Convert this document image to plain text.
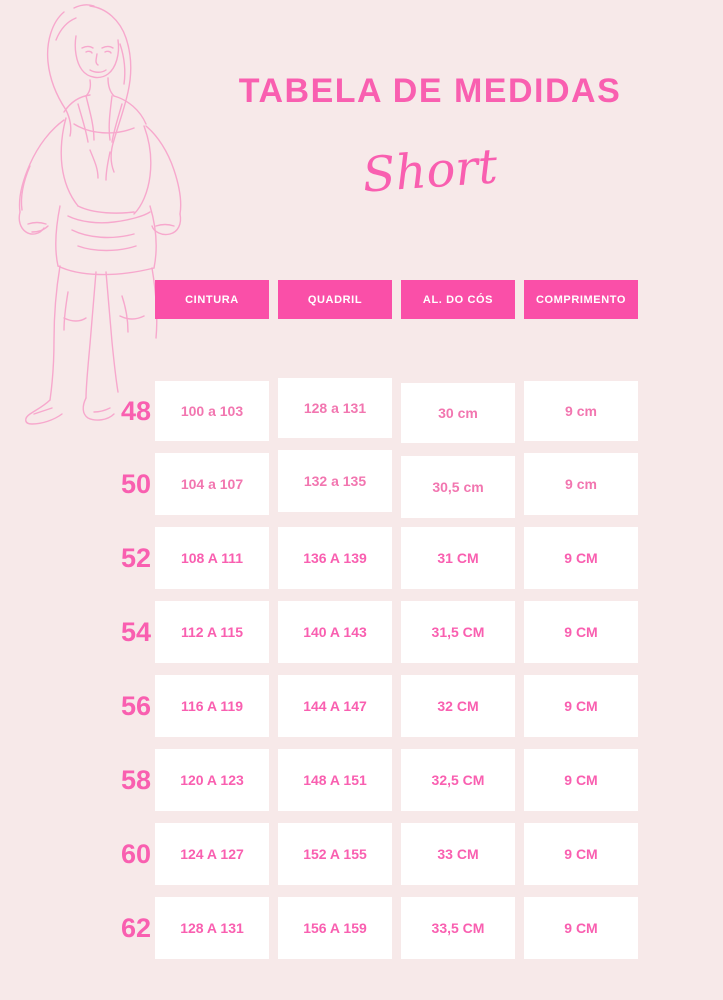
TABELA DE MEDIDAS
Short
CINTURA	QUADRIL	AL. DO CÓS	COMPRIMENTO
48	100 a 103	128 a 131	30 cm	9 cm
50	104 a 107	132 a 135	30,5 cm	9 cm
52	108 A 111	136 A 139	31 CM	9 CM
54	112 A 115	140 A 143	31,5 CM	9 CM
56	116 A 119	144 A 147	32 CM	9 CM
58	120 A 123	148 A 151	32,5 CM	9 CM
60	124 A 127	152 A 155	33 CM	9 CM
62	128 A 131	156 A 159	33,5 CM	9 CM
